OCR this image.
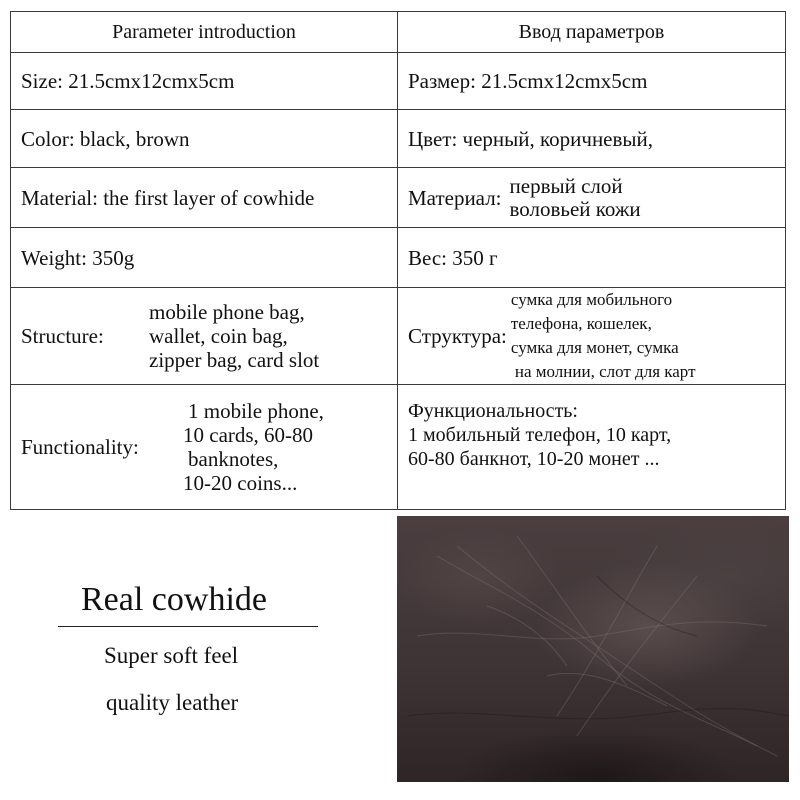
Parameter introduction	Ввод параметров
Size: 21.5cmx12cmx5cm	Размер: 21.5cmx12cmx5cm
Color: black, brown	Цвет: черный, коричневый,
Material: the first layer of cowhide	Материал: первый слой
воловьей кожи

Weight: 350g	Вес: 350 г

Structure:
mobile phone bag,
wallet, coin bag,
zipper bag, card slot	Структура:
сумка для мобильного
телефона, кошелек,
сумка для монет, сумка
на молнии, слот для карт

Functionality:
1 mobile phone,
10 cards, 60-80
banknotes,
10-20 coins...	Функциональность:
1 мобильный телефон, 10 карт,
60-80 банкнот, 10-20 монет ...
Real cowhide
Super soft feel
quality leather
